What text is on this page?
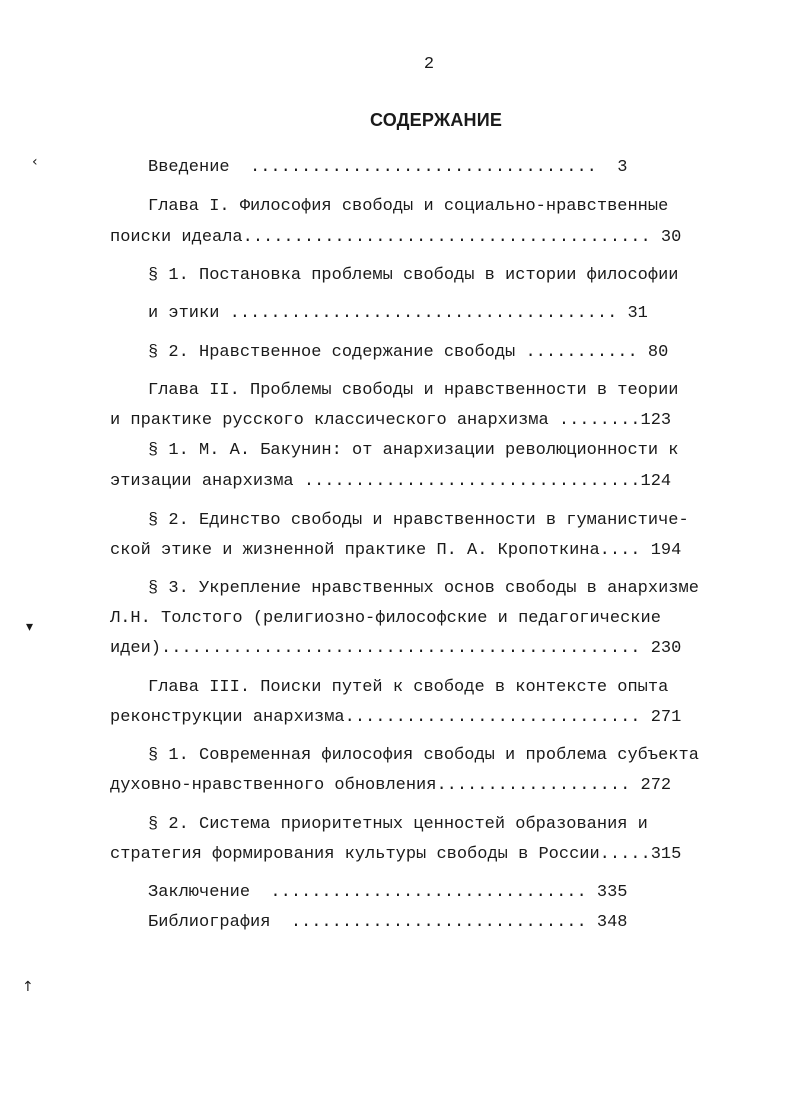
2
СОДЕРЖАНИЕ
Введение  ..................................  3
Глава I. Философия свободы и социально-нравственные
поиски идеала........................................ 30
§ 1. Постановка проблемы свободы в истории философии
и этики ...................................... 31
§ 2. Нравственное содержание свободы ........... 80
Глава II. Проблемы свободы и нравственности в теории
и практике русского классического анархизма ........123
§ 1. М. А. Бакунин: от анархизации революционности к
этизации анархизма .................................124
§ 2. Единство свободы и нравственности в гуманистиче-
ской этике и жизненной практике П. А. Кропоткина.... 194
§ 3. Укрепление нравственных основ свободы в анархизме
Л.Н. Толстого (религиозно-философские и педагогические
идеи)............................................... 230
Глава III. Поиски путей к свободе в контексте опыта
реконструкции анархизма............................. 271
§ 1. Современная философия свободы и проблема субъекта
духовно-нравственного обновления................... 272
§ 2. Система приоритетных ценностей образования и
стратегия формирования культуры свободы в России.....315
Заключение  ............................... 335
Библиография  ............................. 348
‹
▾
↑
